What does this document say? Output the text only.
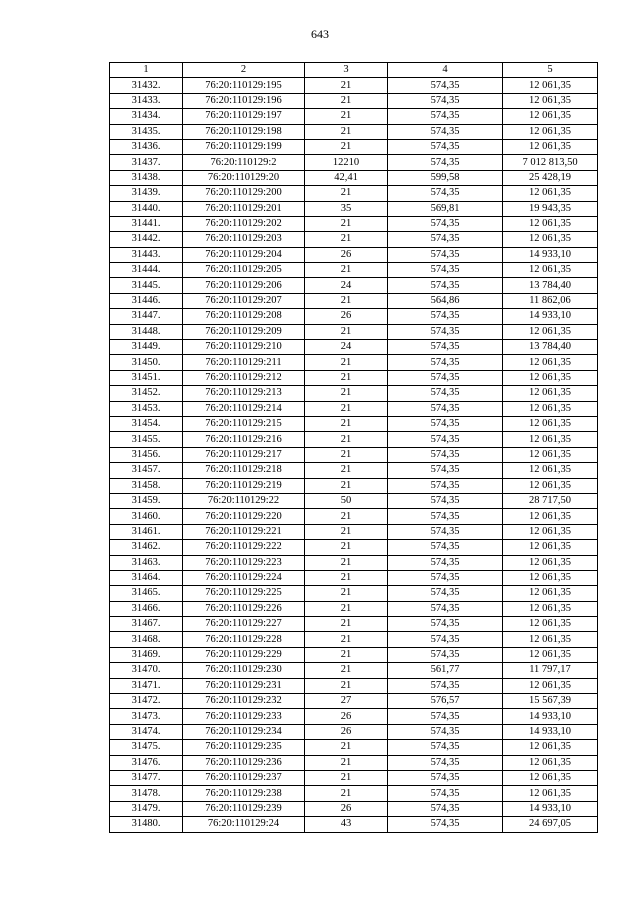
643
1	2	3	4	5
31432.	76:20:110129:195	21	574,35	12 061,35
31433.	76:20:110129:196	21	574,35	12 061,35
31434.	76:20:110129:197	21	574,35	12 061,35
31435.	76:20:110129:198	21	574,35	12 061,35
31436.	76:20:110129:199	21	574,35	12 061,35
31437.	76:20:110129:2	12210	574,35	7 012 813,50
31438.	76:20:110129:20	42,41	599,58	25 428,19
31439.	76:20:110129:200	21	574,35	12 061,35
31440.	76:20:110129:201	35	569,81	19 943,35
31441.	76:20:110129:202	21	574,35	12 061,35
31442.	76:20:110129:203	21	574,35	12 061,35
31443.	76:20:110129:204	26	574,35	14 933,10
31444.	76:20:110129:205	21	574,35	12 061,35
31445.	76:20:110129:206	24	574,35	13 784,40
31446.	76:20:110129:207	21	564,86	11 862,06
31447.	76:20:110129:208	26	574,35	14 933,10
31448.	76:20:110129:209	21	574,35	12 061,35
31449.	76:20:110129:210	24	574,35	13 784,40
31450.	76:20:110129:211	21	574,35	12 061,35
31451.	76:20:110129:212	21	574,35	12 061,35
31452.	76:20:110129:213	21	574,35	12 061,35
31453.	76:20:110129:214	21	574,35	12 061,35
31454.	76:20:110129:215	21	574,35	12 061,35
31455.	76:20:110129:216	21	574,35	12 061,35
31456.	76:20:110129:217	21	574,35	12 061,35
31457.	76:20:110129:218	21	574,35	12 061,35
31458.	76:20:110129:219	21	574,35	12 061,35
31459.	76:20:110129:22	50	574,35	28 717,50
31460.	76:20:110129:220	21	574,35	12 061,35
31461.	76:20:110129:221	21	574,35	12 061,35
31462.	76:20:110129:222	21	574,35	12 061,35
31463.	76:20:110129:223	21	574,35	12 061,35
31464.	76:20:110129:224	21	574,35	12 061,35
31465.	76:20:110129:225	21	574,35	12 061,35
31466.	76:20:110129:226	21	574,35	12 061,35
31467.	76:20:110129:227	21	574,35	12 061,35
31468.	76:20:110129:228	21	574,35	12 061,35
31469.	76:20:110129:229	21	574,35	12 061,35
31470.	76:20:110129:230	21	561,77	11 797,17
31471.	76:20:110129:231	21	574,35	12 061,35
31472.	76:20:110129:232	27	576,57	15 567,39
31473.	76:20:110129:233	26	574,35	14 933,10
31474.	76:20:110129:234	26	574,35	14 933,10
31475.	76:20:110129:235	21	574,35	12 061,35
31476.	76:20:110129:236	21	574,35	12 061,35
31477.	76:20:110129:237	21	574,35	12 061,35
31478.	76:20:110129:238	21	574,35	12 061,35
31479.	76:20:110129:239	26	574,35	14 933,10
31480.	76:20:110129:24	43	574,35	24 697,05
